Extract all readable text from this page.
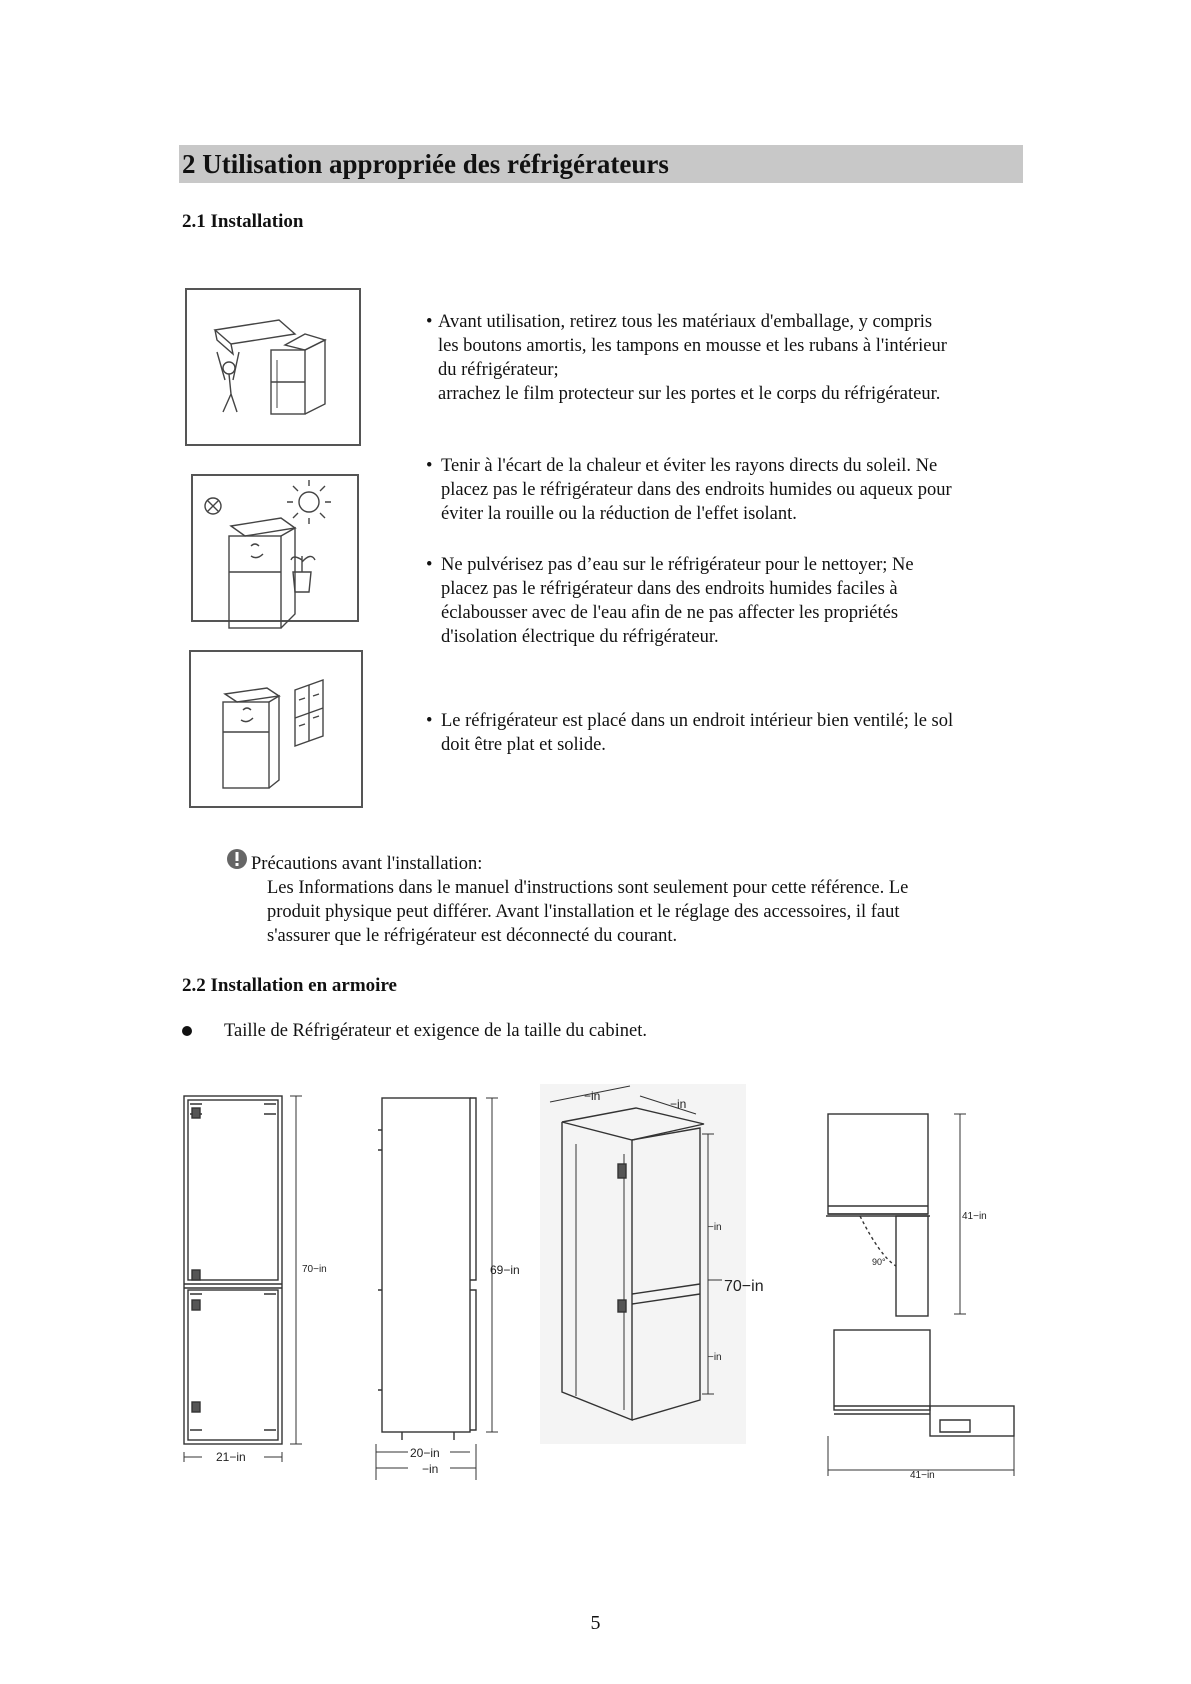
2 Utilisation appropriée des réfrigérateurs
2.1 Installation
• Avant utilisation, retirez tous les matériaux d'emballage, y compris
les boutons amortis, les tampons en mousse et les rubans à l'intérieur
du réfrigérateur;
arrachez le film protecteur sur les portes et le corps du réfrigérateur.
• Tenir à l'écart de la chaleur et éviter les rayons directs du soleil. Ne
placez pas le réfrigérateur dans des endroits humides ou aqueux pour
éviter la rouille ou la réduction de l'effet isolant.
• Ne pulvérisez pas d’eau sur le réfrigérateur pour le nettoyer; Ne
placez pas le réfrigérateur dans des endroits humides faciles à
éclabousser avec de l'eau afin de ne pas affecter les propriétés
d'isolation électrique du réfrigérateur.
• Le réfrigérateur est placé dans un endroit intérieur bien ventilé; le sol
doit être plat et solide.
Précautions avant l'installation:
Les Informations dans le manuel d'instructions sont seulement pour cette référence. Le
produit physique peut différer. Avant l'installation et le réglage des accessoires, il faut
s'assurer que le réfrigérateur est déconnecté du courant.
2.2 Installation en armoire
Taille de Réfrigérateur et exigence de la taille du cabinet.
70−in
21−in
69−in
20−in
−in
−in
−in
−in
−in
70−in
41−in
90°
41−in
5
